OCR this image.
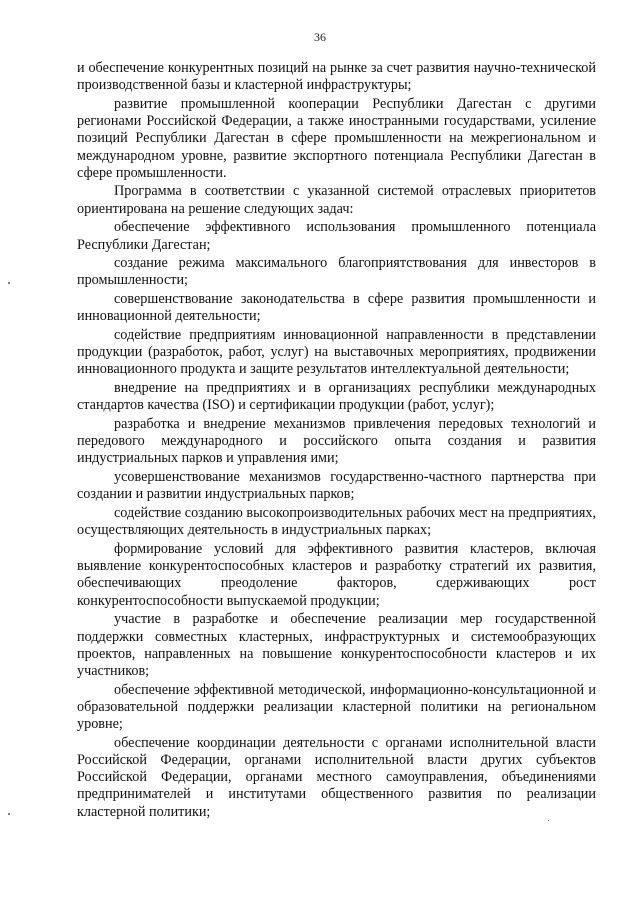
36

и обеспечение конкурентных позиций на рынке за счет развития научно-технической производственной базы и кластерной инфраструктуры;

развитие промышленной кооперации Республики Дагестан с другими регионами Российской Федерации, а также иностранными государствами, усиление позиций Республики Дагестан в сфере промышленности на межрегиональном и международном уровне, развитие экспортного потенциала Республики Дагестан в сфере промышленности.

Программа в соответствии с указанной системой отраслевых приоритетов ориентирована на решение следующих задач:

обеспечение эффективного использования промышленного потенциала Республики Дагестан;

создание режима максимального благоприятствования для инвесторов в промышленности;

совершенствование законодательства в сфере развития промышленности и инновационной деятельности;

содействие предприятиям инновационной направленности в представлении продукции (разработок, работ, услуг) на выставочных мероприятиях, продвижении инновационного продукта и защите результатов интеллектуальной деятельности;

внедрение на предприятиях и в организациях республики международных стандартов качества (ISO) и сертификации продукции (работ, услуг);

разработка и внедрение механизмов привлечения передовых технологий и передового международного и российского опыта создания и развития индустриальных парков и управления ими;

усовершенствование механизмов государственно-частного партнерства при создании и развитии индустриальных парков;

содействие созданию высокопроизводительных рабочих мест на предприятиях, осуществляющих деятельность в индустриальных парках;

формирование условий для эффективного развития кластеров, включая выявление конкурентоспособных кластеров и разработку стратегий их развития, обеспечивающих преодоление факторов, сдерживающих рост конкурентоспособности выпускаемой продукции;

участие в разработке и обеспечение реализации мер государственной поддержки совместных кластерных, инфраструктурных и системообразующих проектов, направленных на повышение конкурентоспособности кластеров и их участников;

обеспечение эффективной методической, информационно-консультационной и образовательной поддержки реализации кластерной политики на региональном уровне;

обеспечение координации деятельности с органами исполнительной власти Российской Федерации, органами исполнительной власти других субъектов Российской Федерации, органами местного самоуправления, объединениями предпринимателей и институтами общественного развития по реализации кластерной политики;
